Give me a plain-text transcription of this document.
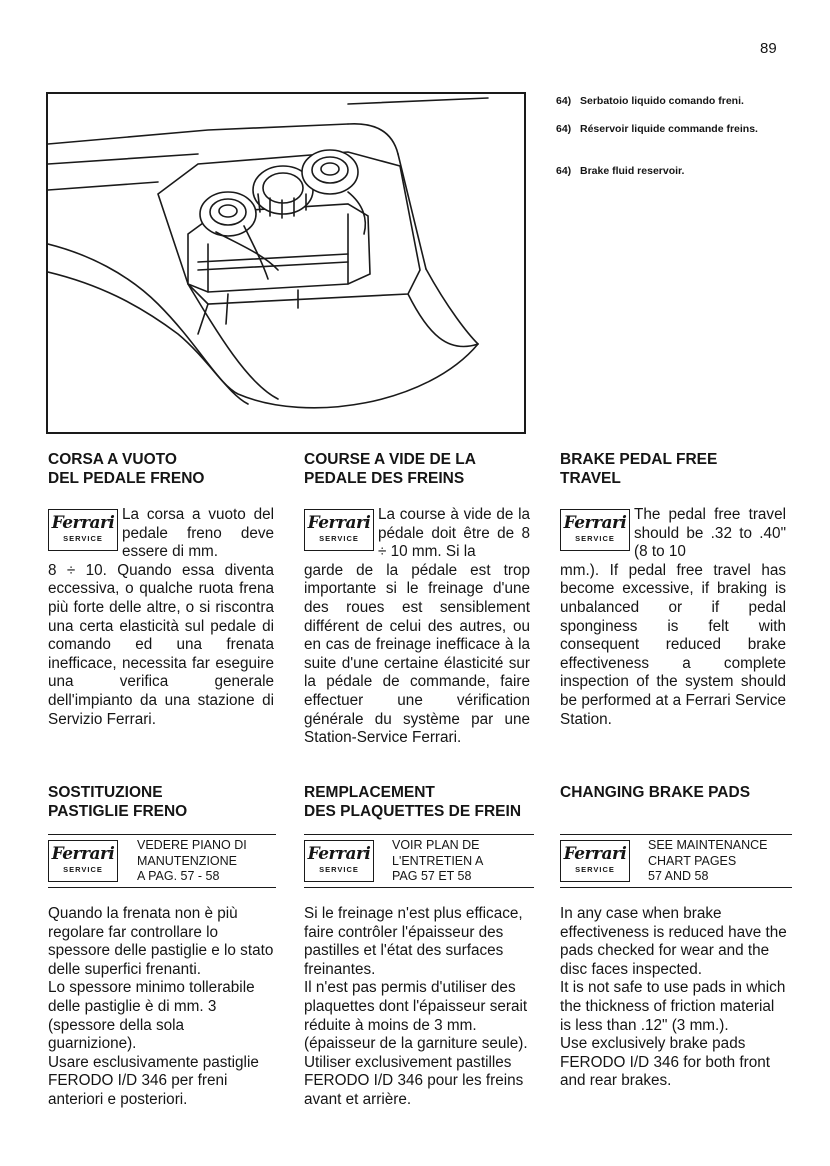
89
64) Serbatoio liquido comando freni.
64) Réservoir liquide commande freins.
64) Brake fluid reservoir.
CORSA A VUOTO
DEL PEDALE FRENO
COURSE A VIDE DE LA
PEDALE DES FREINS
BRAKE PEDAL FREE
TRAVEL
Ferrari
SERVICE
Ferrari
SERVICE
Ferrari
SERVICE
La corsa a vuoto del pedale freno deve essere di mm.

8 ÷ 10. Quando essa diventa eccessiva, o qualche ruota frena più forte delle altre, o si riscontra una certa elasticità sul pedale di comando ed una frenata inefficace, necessita far eseguire una verifica generale dell'impianto da una stazione di Servizio Ferrari.

La course à vide de la pédale doit être de 8 ÷ 10 mm. Si la

garde de la pédale est trop importante si le freinage d'une des roues est sensiblement différent de celui des autres, ou en cas de freinage inefficace à la suite d'une certaine élasticité sur la pédale de commande, faire effectuer une vérification générale du système par une Station-Service Ferrari.

The pedal free travel should be .32 to .40" (8 to 10

mm.). If pedal free travel has become excessive, if braking is unbalanced or if pedal sponginess is felt with consequent reduced brake effectiveness a complete inspection of the system should be performed at a Ferrari Service Station.

SOSTITUZIONE
PASTIGLIE FRENO
REMPLACEMENT
DES PLAQUETTES DE FREIN
CHANGING BRAKE PADS
Ferrari
SERVICE
Ferrari
SERVICE
Ferrari
SERVICE
VEDERE PIANO DI
MANUTENZIONE
A PAG. 57 - 58
VOIR PLAN DE
L'ENTRETIEN A
PAG 57 ET 58
SEE MAINTENANCE
CHART PAGES
57 AND 58

Quando la frenata non è più regolare far controllare lo spessore delle pastiglie e lo stato delle superfici frenanti.

Lo spessore minimo tollerabile delle pastiglie è di mm. 3 (spessore della sola guarnizione).

Usare esclusivamente pastiglie FERODO I/D 346 per freni anteriori e posteriori.

Si le freinage n'est plus efficace, faire contrôler l'épaisseur des pastilles et l'état des surfaces freinantes.

Il n'est pas permis d'utiliser des plaquettes dont l'épaisseur serait réduite à moins de 3 mm. (épaisseur de la garniture seule).

Utiliser exclusivement pastilles FERODO I/D 346 pour les freins avant et arrière.

In any case when brake effectiveness is reduced have the pads checked for wear and the disc faces inspected.

It is not safe to use pads in which the thickness of friction material is less than .12" (3 mm.).

Use exclusively brake pads FERODO I/D 346 for both front and rear brakes.
